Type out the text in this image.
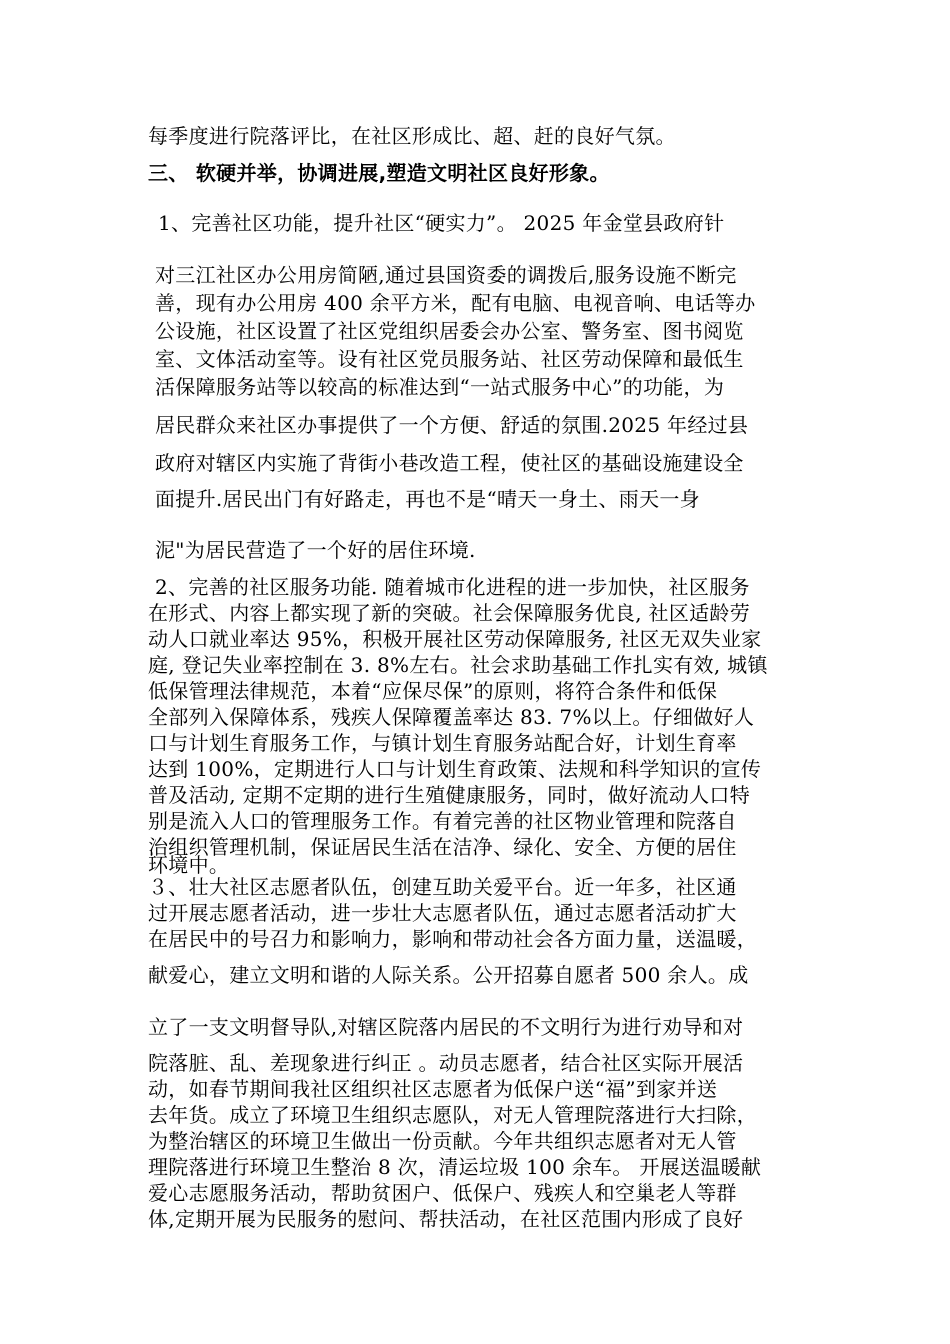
每季度进行院落评比，在社区形成比、超、赶的良好气氛。
三、 软硬并举，协调进展,塑造文明社区良好形象。
1、完善社区功能，提升社区“硬实力”。 2025 年金堂县政府针
对三江社区办公用房简陋,通过县国资委的调拨后,服务设施不断完
善，现有办公用房 400 余平方米，配有电脑、电视音响、电话等办
公设施，社区设置了社区党组织居委会办公室、警务室、图书阅览
室、文体活动室等。设有社区党员服务站、社区劳动保障和最低生
活保障服务站等以较高的标准达到“一站式服务中心”的功能，为
居民群众来社区办事提供了一个方便、舒适的氛围.2025 年经过县
政府对辖区内实施了背街小巷改造工程，使社区的基础设施建设全
面提升.居民出门有好路走，再也不是“晴天一身土、雨天一身
泥"为居民营造了一个好的居住环境.
2、完善的社区服务功能. 随着城市化进程的进一步加快，社区服务
在形式、内容上都实现了新的突破。社会保障服务优良, 社区适龄劳
动人口就业率达 95%，积极开展社区劳动保障服务, 社区无双失业家
庭, 登记失业率控制在 3. 8%左右。社会求助基础工作扎实有效, 城镇
低保管理法律规范，本着“应保尽保”的原则，将符合条件和低保
全部列入保障体系，残疾人保障覆盖率达 83. 7%以上。仔细做好人
口与计划生育服务工作，与镇计划生育服务站配合好，计划生育率
达到 100%，定期进行人口与计划生育政策、法规和科学知识的宣传
普及活动, 定期不定期的进行生殖健康服务，同时，做好流动人口特
别是流入人口的管理服务工作。有着完善的社区物业管理和院落自
治组织管理机制，保证居民生活在洁净、绿化、安全、方便的居住
环境中。
３、壮大社区志愿者队伍，创建互助关爱平台。近一年多，社区通
过开展志愿者活动，进一步壮大志愿者队伍，通过志愿者活动扩大
在居民中的号召力和影响力，影响和带动社会各方面力量，送温暖，
献爱心，建立文明和谐的人际关系。公开招募自愿者 500 余人。成
立了一支文明督导队,对辖区院落内居民的不文明行为进行劝导和对
院落脏、乱、差现象进行纠正 。动员志愿者，结合社区实际开展活
动，如春节期间我社区组织社区志愿者为低保户送“福”到家并送
去年货。成立了环境卫生组织志愿队，对无人管理院落进行大扫除，
为整治辖区的环境卫生做出一份贡献。今年共组织志愿者对无人管
理院落进行环境卫生整治 8 次，清运垃圾 100 余车。 开展送温暖献
爱心志愿服务活动，帮助贫困户、低保户、残疾人和空巢老人等群
体,定期开展为民服务的慰问、帮扶活动，在社区范围内形成了良好
